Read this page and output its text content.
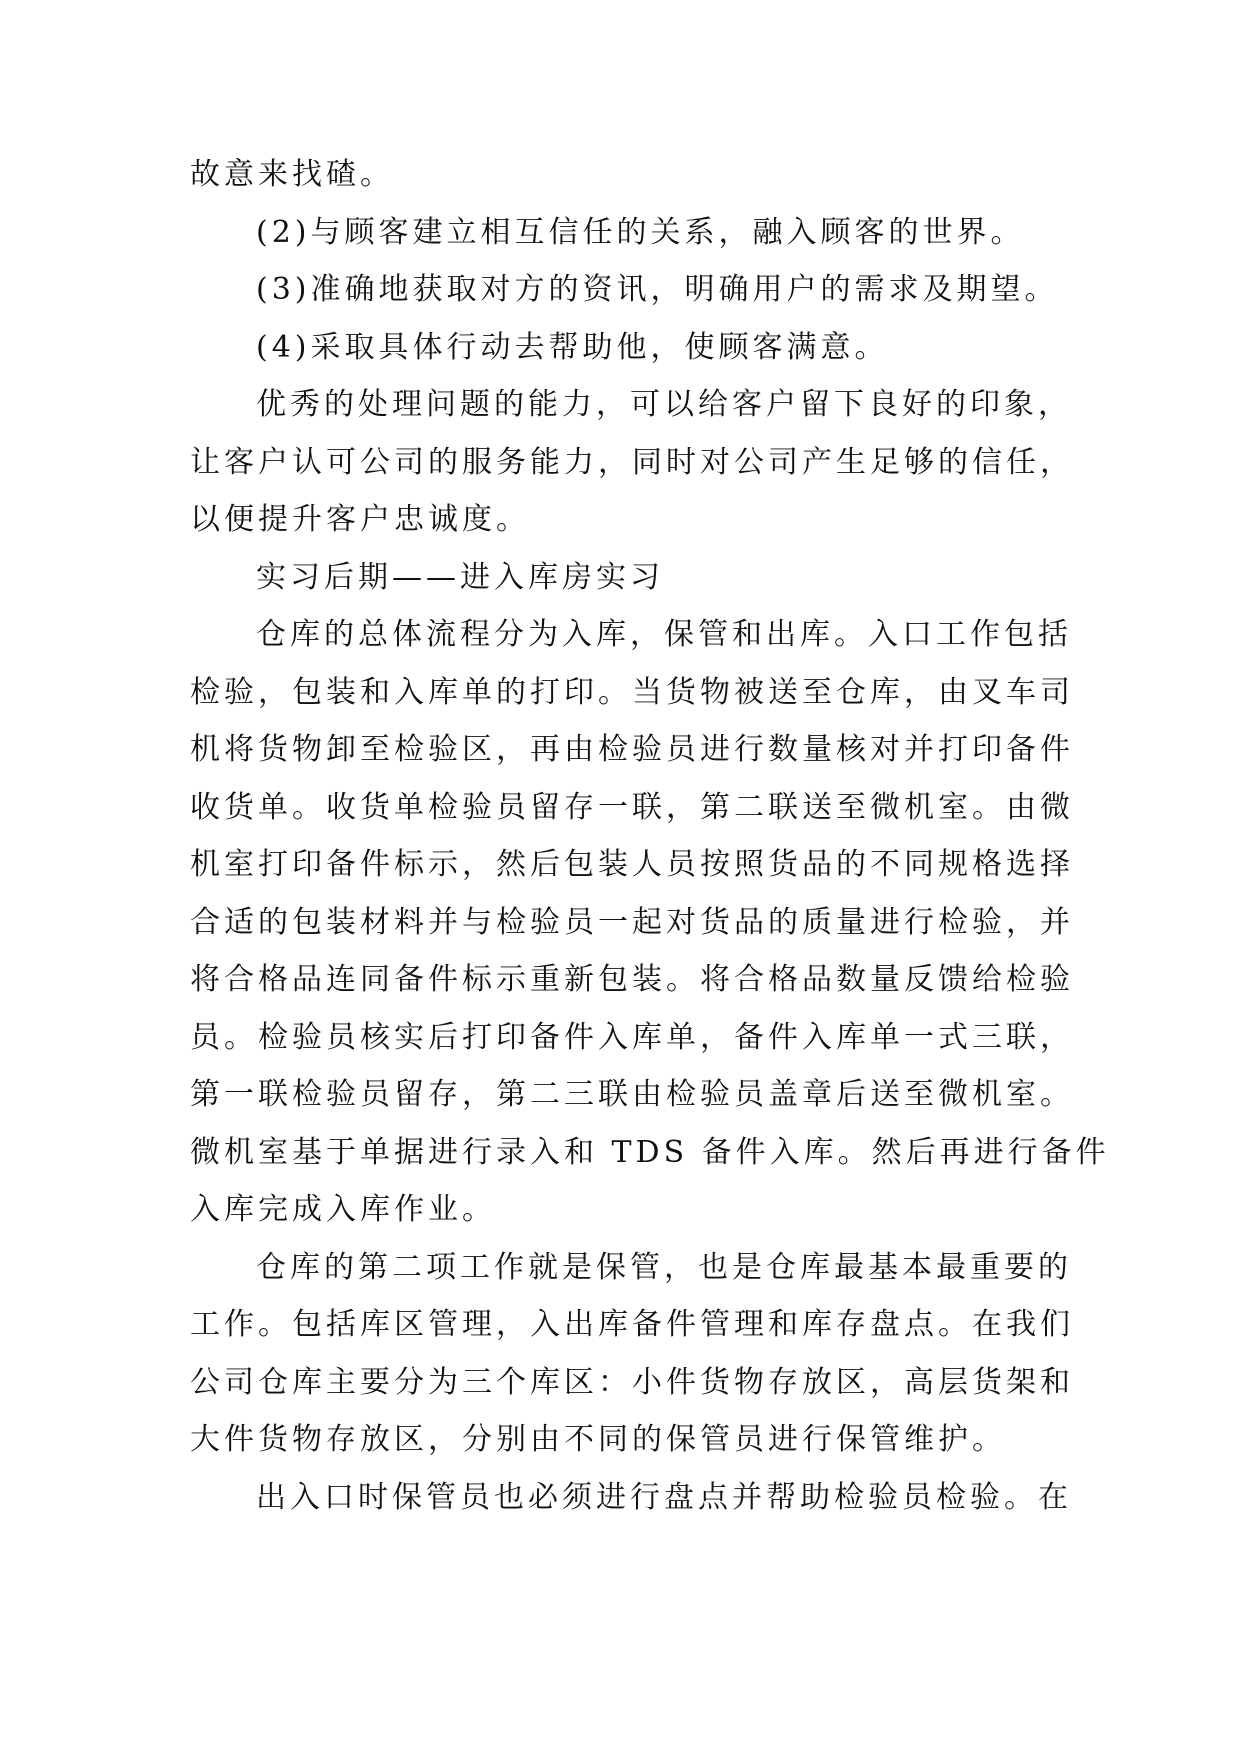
故意来找碴。
(2)与顾客建立相互信任的关系，融入顾客的世界。
(3)准确地获取对方的资讯，明确用户的需求及期望。
(4)采取具体行动去帮助他，使顾客满意。
优秀的处理问题的能力，可以给客户留下良好的印象，
让客户认可公司的服务能力，同时对公司产生足够的信任，
以便提升客户忠诚度。
实习后期——进入库房实习
仓库的总体流程分为入库，保管和出库。入口工作包括
检验，包装和入库单的打印。当货物被送至仓库，由叉车司
机将货物卸至检验区，再由检验员进行数量核对并打印备件
收货单。收货单检验员留存一联，第二联送至微机室。由微
机室打印备件标示，然后包装人员按照货品的不同规格选择
合适的包装材料并与检验员一起对货品的质量进行检验，并
将合格品连同备件标示重新包装。将合格品数量反馈给检验
员。检验员核实后打印备件入库单，备件入库单一式三联，
第一联检验员留存，第二三联由检验员盖章后送至微机室。
微机室基于单据进行录入和 TDS 备件入库。然后再进行备件
入库完成入库作业。
仓库的第二项工作就是保管，也是仓库最基本最重要的
工作。包括库区管理，入出库备件管理和库存盘点。在我们
公司仓库主要分为三个库区：小件货物存放区，高层货架和
大件货物存放区，分别由不同的保管员进行保管维护。
出入口时保管员也必须进行盘点并帮助检验员检验。在
